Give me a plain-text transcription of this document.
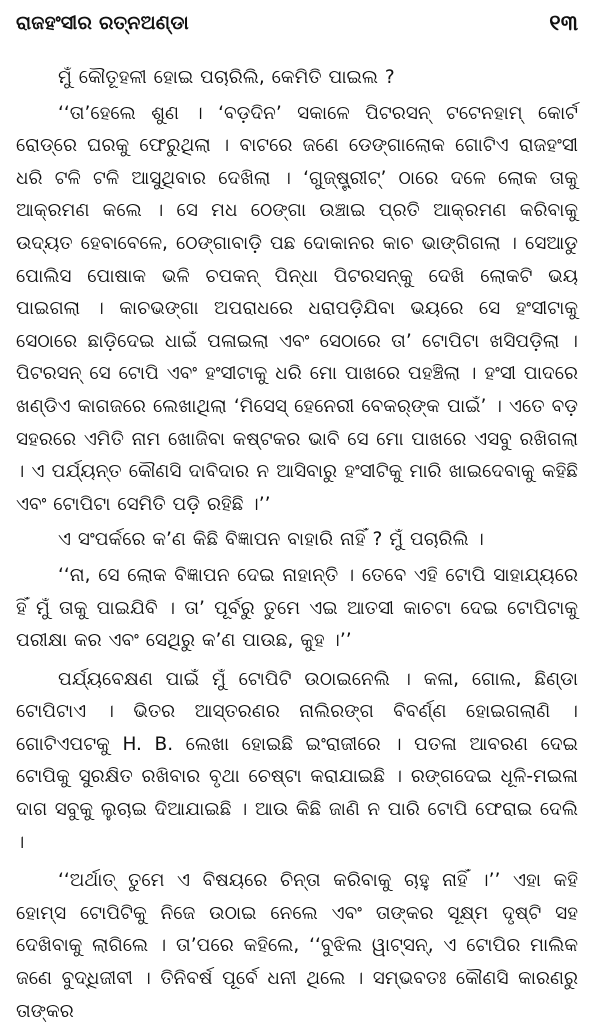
ରାଜହଂସୀର ରତ୍ନଅଣ୍ଡା	୧୩

ମୁଁ କୌତୂହଳୀ ହୋଇ ପଚାରିଲି, କେମିତି ପାଇଲ ?

‘‘ତା’ହେଲେ ଶୁଣ । ‘ବଡ଼ଦିନ’ ସକାଳେ ପିଟରସନ୍ ଟଟେନହାମ୍ କୋର୍ଟ ରୋଡ୍‌ରେ ଘରକୁ ଫେରୁଥିଲା । ବାଟରେ ଜଣେ ଡେଙ୍ଗାଲୋକ ଗୋଟିଏ ରାଜହଂସୀ ଧରି ଟଳି ଟଳି ଆସୁଥିବାର ଦେଖିଲା । ‘ଗୁଜ୍‌ଷ୍ଟ୍ରୀଟ୍’ ଠାରେ ଦଳେ ଲୋକ ତାକୁ ଆକ୍ରମଣ କଲେ । ସେ ମଧ ଠେଙ୍ଗା ଉଞ୍ଚାଇ ପ୍ରତି ଆକ୍ରମଣ କରିବାକୁ ଉଦ୍ୟତ ହେବାବେଳେ, ଠେଙ୍ଗାବାଡ଼ି ପଛ ଦୋକାନର କାଚ ଭାଙ୍ଗିଗଲା । ସେଆଡୁ ପୋଲିସ ପୋଷାକ ଭଳି ଚପକନ୍ ପିନ୍ଧା ପିଟରସନ୍‌କୁ ଦେଖି ଲୋକଟି ଭୟ ପାଇଗଲା । କାଚଭଙ୍ଗା ଅପରାଧରେ ଧରାପଡ଼ିଯିବା ଭୟରେ ସେ ହଂସୀଟାକୁ ସେଠାରେ ଛାଡ଼ିଦେଇ ଧାଇଁ ପଳାଇଲା ଏବଂ ସେଠାରେ ତା’ ଟୋପିଟା ଖସିପଡ଼ିଲା । ପିଟରସନ୍ ସେ ଟୋପି ଏବଂ ହଂସୀଟାକୁ ଧରି ମୋ ପାଖରେ ପହଞ୍ଚିଲା । ହଂସୀ ପାଦରେ ଖଣ୍ଡିଏ କାଗଜରେ ଲେଖାଥିଲା ‘ମିସେସ୍ ହେନେରୀ ବେକର୍‌ଙ୍କ ପାଇଁ’ । ଏତେ ବଡ଼ ସହରରେ ଏମିତି ନାମ ଖୋଜିବା କଷ୍ଟକର ଭାବି ସେ ମୋ ପାଖରେ ଏସବୁ ରଖିଗଲା । ଏ ପର୍ଯ୍ୟନ୍ତ କୌଣସି ଦାବିଦାର ନ ଆସିବାରୁ ହଂସୀଟିକୁ ମାରି ଖାଇଦେବାକୁ କହିଛି ଏବଂ ଟୋପିଟା ସେମିତି ପଡ଼ି ରହିଛି ।’’

ଏ ସଂପର୍କରେ କ’ଣ କିଛି ବିଜ୍ଞାପନ ବାହାରି ନାହିଁ ? ମୁଁ ପଚାରିଲି ।

‘‘ନା, ସେ ଲୋକ ବିଜ୍ଞାପନ ଦେଇ ନାହାନ୍ତି । ତେବେ ଏହି ଟୋପି ସାହାଯ୍ୟରେ ହିଁ ମୁଁ ତାକୁ ପାଇଯିବି । ତା’ ପୂର୍ବରୁ ତୁମେ ଏଇ ଆତସୀ କାଚଟା ଦେଇ ଟୋପିଟାକୁ ପରୀକ୍ଷା କର ଏବଂ ସେଥିରୁ କ’ଣ ପାଉଛ, କୁହ ।’’

ପର୍ଯ୍ୟବେକ୍ଷଣ ପାଇଁ ମୁଁ ଟୋପିଟି ଉଠାଇନେଲି । କଳା, ଗୋଲ, ଛିଣ୍ଡା ଟୋପିଟାଏ । ଭିତର ଆସ୍ତରଣର ନାଲିରଙ୍ଗ ବିବର୍ଣ୍ଣ ହୋଇଗଲାଣି । ଗୋଟିଏପଟକୁ H. B. ଲେଖା ହୋଇଛି ଇଂରାଜୀରେ । ପତଳା ଆବରଣ ଦେଇ ଟୋପିକୁ ସୁରକ୍ଷିତ ରଖିବାର ବୃଥା ଚେଷ୍ଟା କରାଯାଇଛି । ରଙ୍ଗଦେଇ ଧୂଳି-ମଇଳା ଦାଗ ସବୁକୁ ଲୁଚାଇ ଦିଆଯାଇଛି । ଆଉ କିଛି ଜାଣି ନ ପାରି ଟୋପି ଫେରାଇ ଦେଲି ।

‘‘ଅର୍ଥାତ୍ ତୁମେ ଏ ବିଷୟରେ ଚିନ୍ତା କରିବାକୁ ଚାହୁ ନାହିଁ ।’’ ଏହା କହି ହୋମ୍ସ ଟୋପିଟିକୁ ନିଜେ ଉଠାଇ ନେଲେ ଏବଂ ତାଙ୍କର ସୂକ୍ଷ୍ମ ଦୃଷ୍ଟି ସହ ଦେଖିବାକୁ ଲାଗିଲେ । ତା’ପରେ କହିଲେ, ‘‘ବୁଝିଲ ୱାଟ୍‌ସନ୍, ଏ ଟୋପିର ମାଲିକ ଜଣେ ବୁଦ୍ଧିଜୀବୀ । ତିନିବର୍ଷ ପୂର୍ବେ ଧନୀ ଥିଲେ । ସମ୍ଭବତଃ କୌଣସି କାରଣରୁ ତାଙ୍କର
